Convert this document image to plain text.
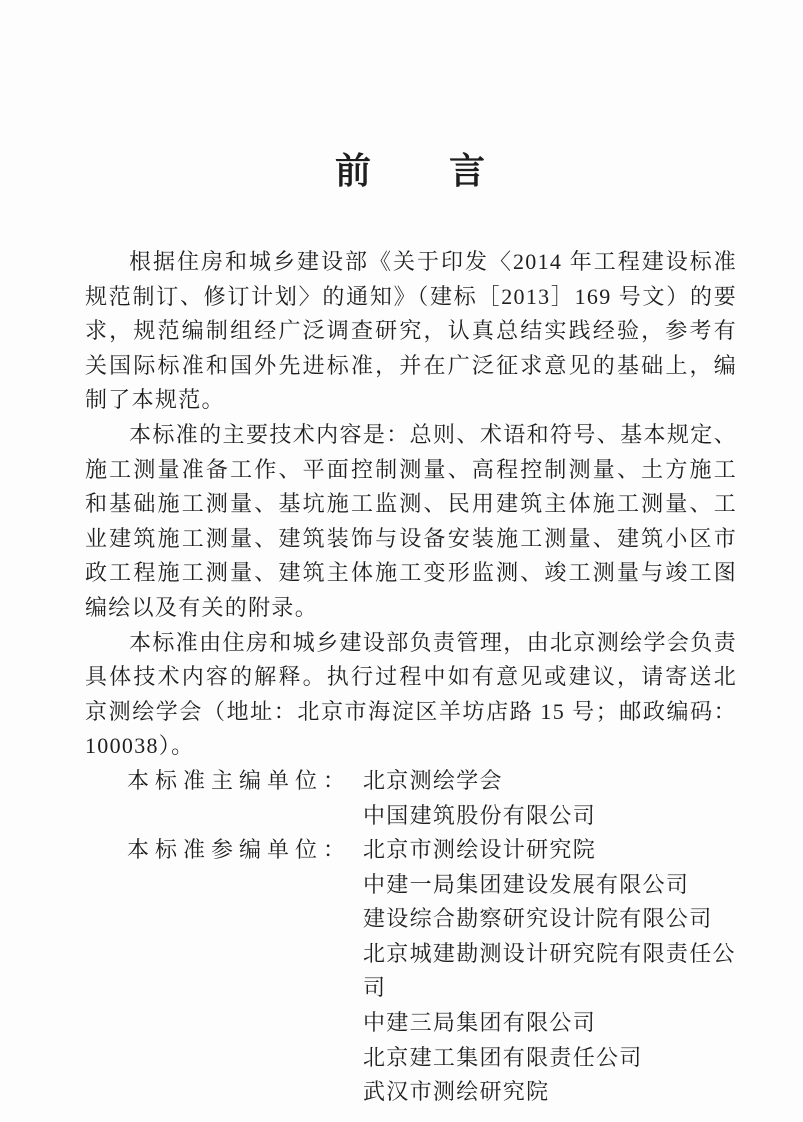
前　　言

根据住房和城乡建设部《关于印发〈2014 年工程建设标准规范制订、修订计划〉的通知》（建标［2013］169 号文）的要求，规范编制组经广泛调查研究，认真总结实践经验，参考有关国际标准和国外先进标准，并在广泛征求意见的基础上，编制了本规范。

本标准的主要技术内容是：总则、术语和符号、基本规定、施工测量准备工作、平面控制测量、高程控制测量、土方施工和基础施工测量、基坑施工监测、民用建筑主体施工测量、工业建筑施工测量、建筑装饰与设备安装施工测量、建筑小区市政工程施工测量、建筑主体施工变形监测、竣工测量与竣工图编绘以及有关的附录。

本标准由住房和城乡建设部负责管理，由北京测绘学会负责具体技术内容的解释。执行过程中如有意见或建议，请寄送北京测绘学会（地址：北京市海淀区羊坊店路 15 号；邮政编码：100038）。

本标准主编单位： 北京测绘学会
中国建筑股份有限公司
本标准参编单位： 北京市测绘设计研究院
中建一局集团建设发展有限公司
建设综合勘察研究设计院有限公司
北京城建勘测设计研究院有限责任公司
中建三局集团有限公司
北京建工集团有限责任公司
武汉市测绘研究院
